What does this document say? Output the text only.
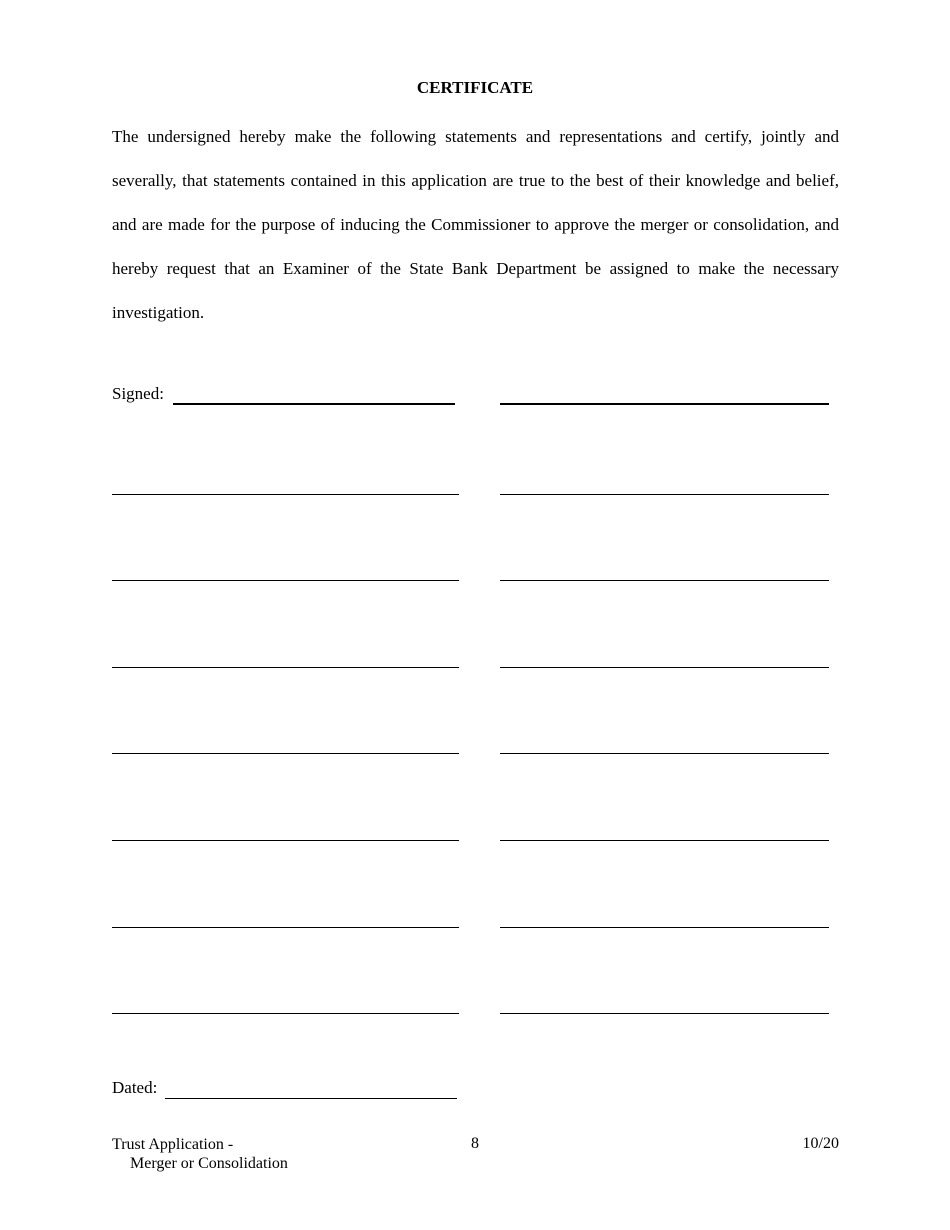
CERTIFICATE

The undersigned hereby make the following statements and representations and certify, jointly and severally, that statements contained in this application are true to the best of their knowledge and belief, and are made for the purpose of inducing the Commissioner to approve the merger or consolidation, and hereby request that an Examiner of the State Bank Department be assigned to make the necessary investigation.

Signed:
Dated:
Trust Application -
Merger or Consolidation
8	10/20
